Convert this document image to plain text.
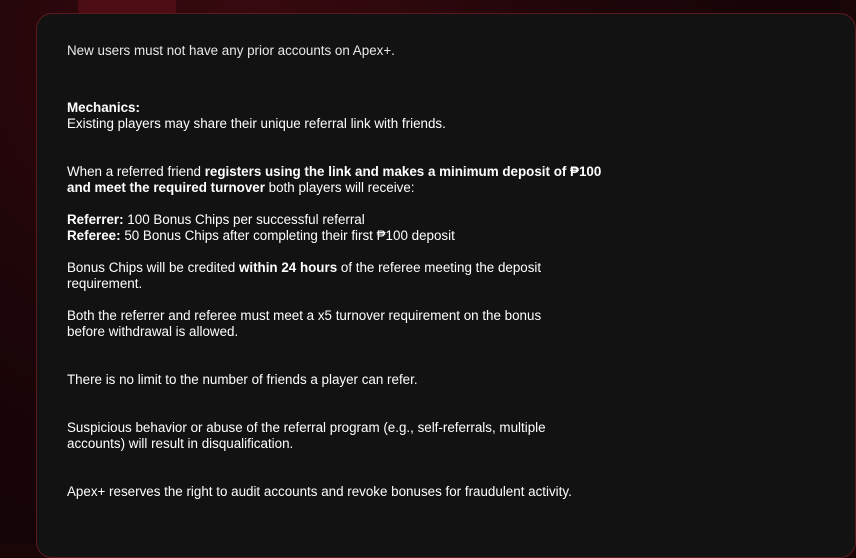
New users must not have any prior accounts on Apex+.
Mechanics:
Existing players may share their unique referral link with friends.
When a referred friend registers using the link and makes a minimum deposit of ₱100 and meet the required turnover both players will receive:
Referrer: 100 Bonus Chips per successful referral
Referee: 50 Bonus Chips after completing their first ₱100 deposit
Bonus Chips will be credited within 24 hours of the referee meeting the deposit requirement.
Both the referrer and referee must meet a x5 turnover requirement on the bonus before withdrawal is allowed.
There is no limit to the number of friends a player can refer.
Suspicious behavior or abuse of the referral program (e.g., self-referrals, multiple accounts) will result in disqualification.
Apex+ reserves the right to audit accounts and revoke bonuses for fraudulent activity.
